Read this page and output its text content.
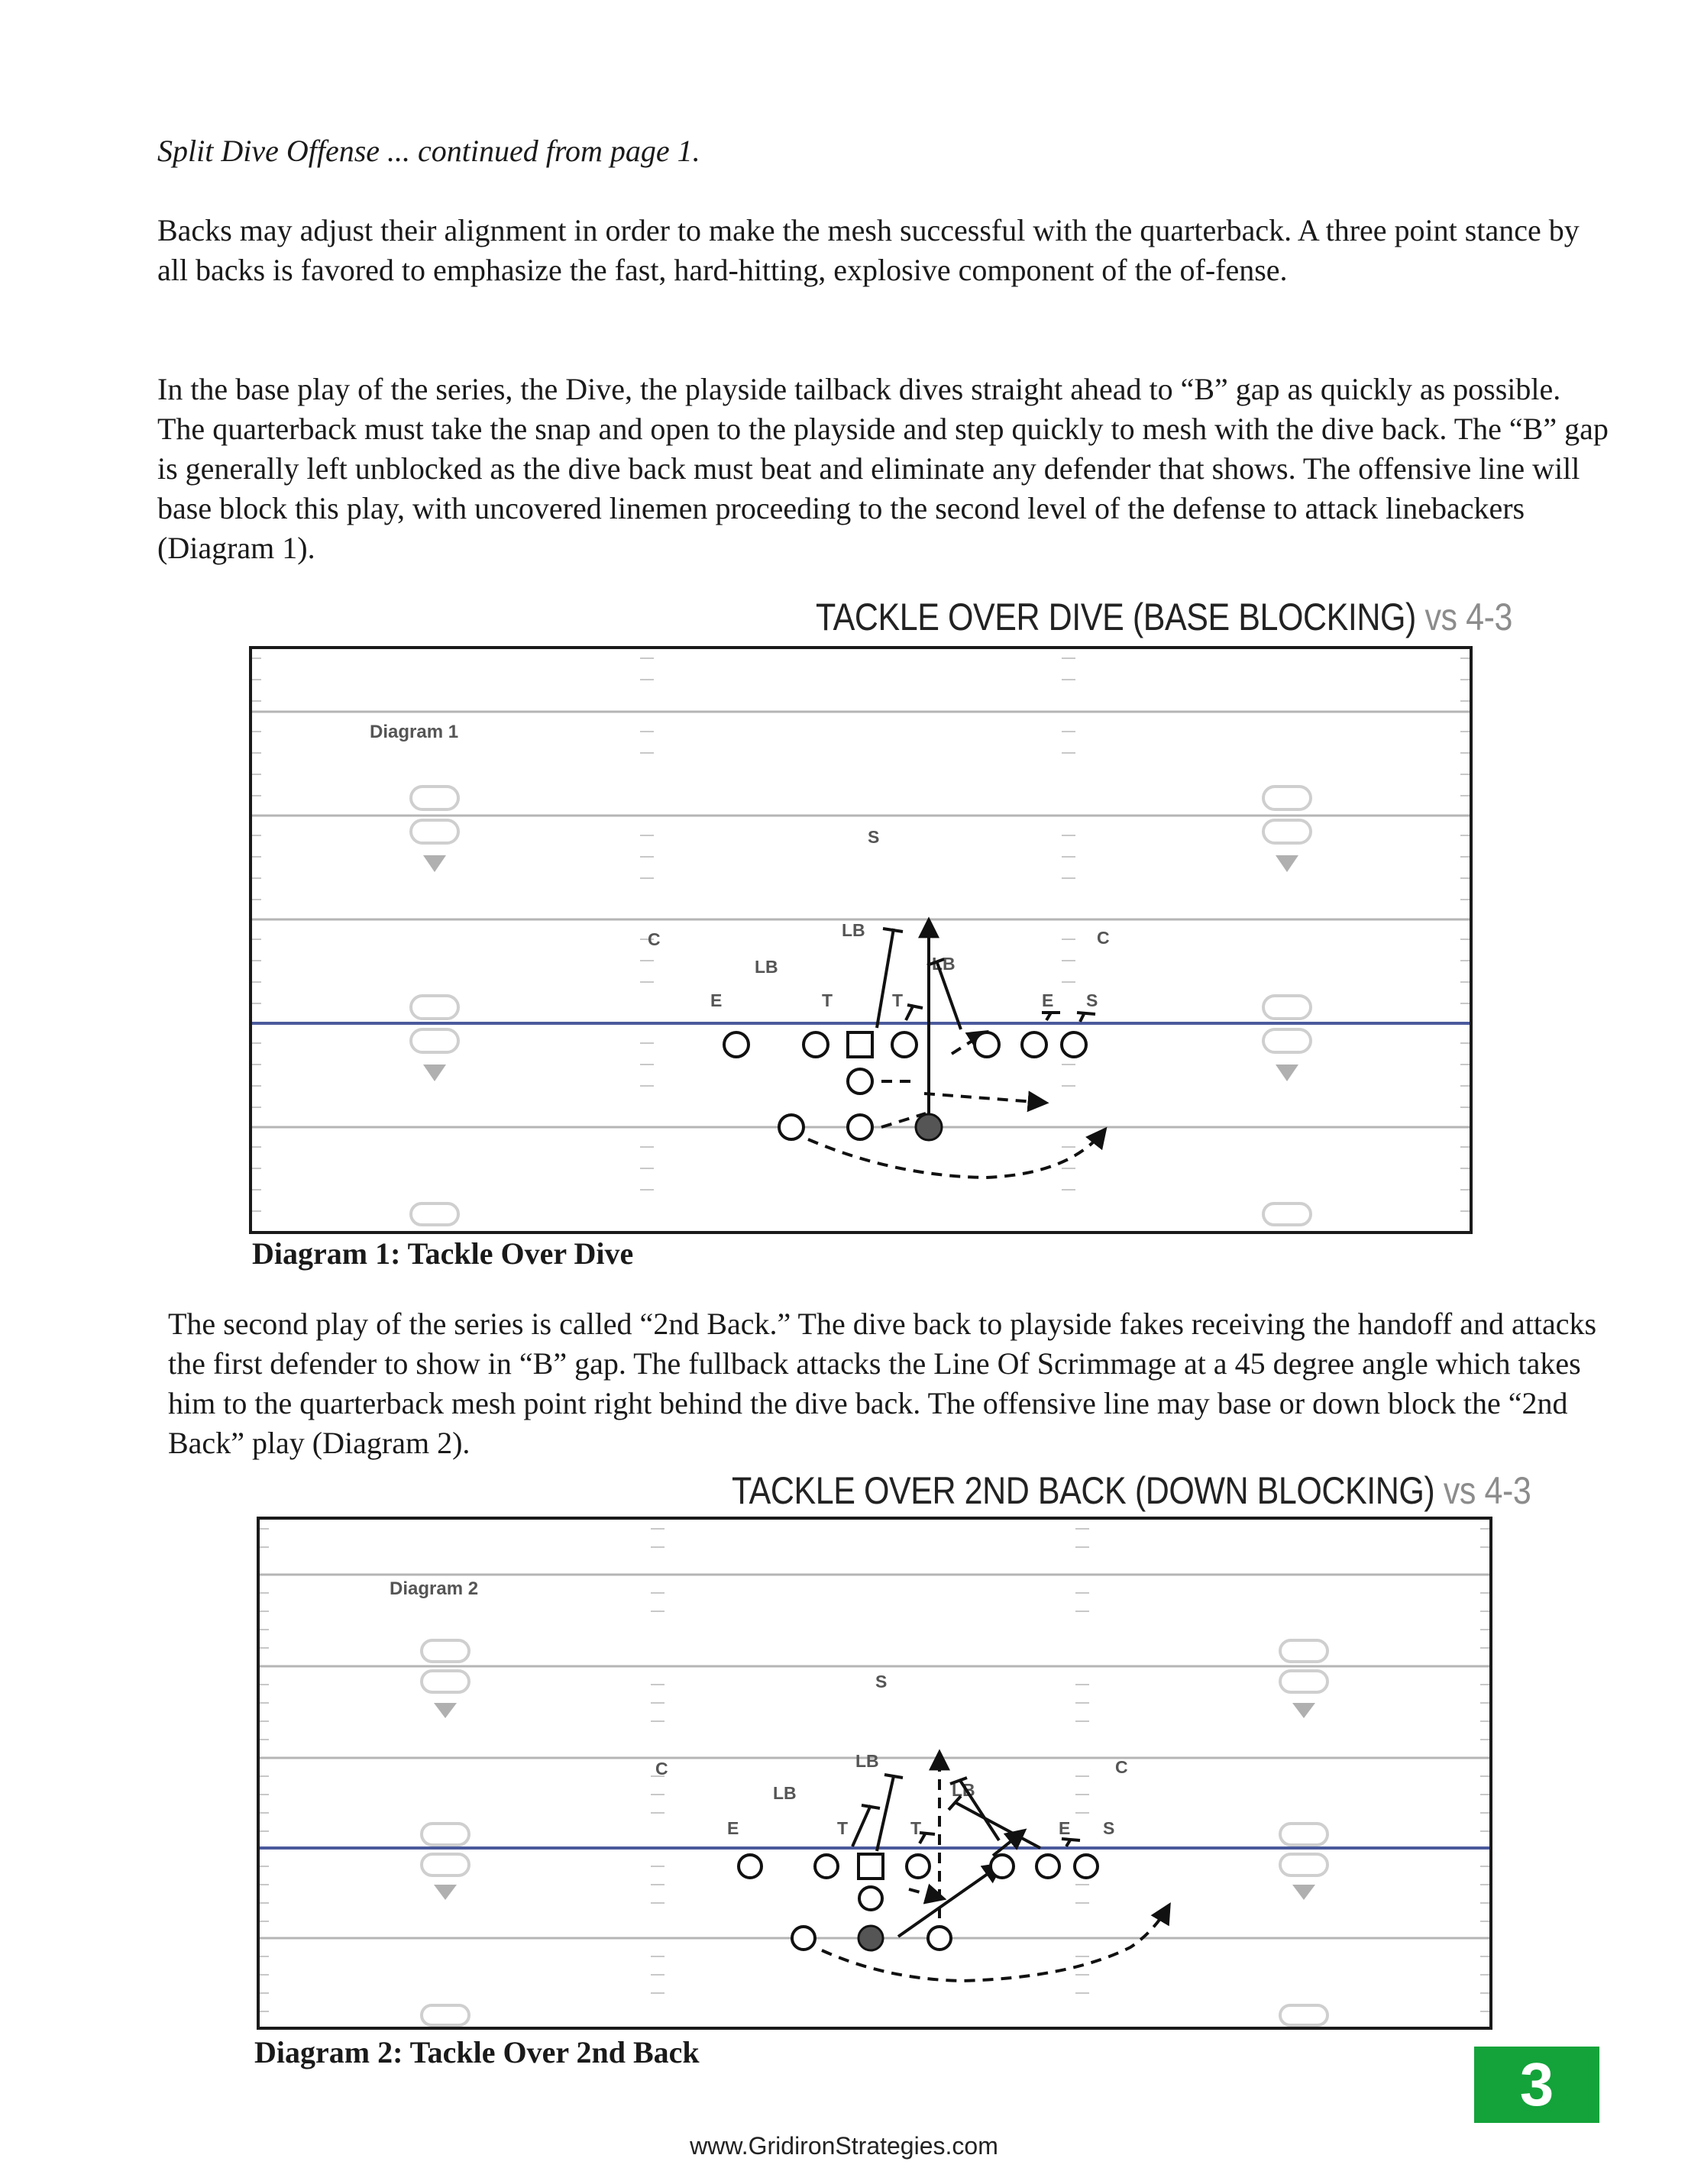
Split Dive Offense ... continued from page 1.

Backs may adjust their alignment in order to make the mesh successful with the quarterback. A three point stance by all backs is favored to emphasize the fast, hard-hitting, explosive component of the of-fense.

In the base play of the series, the Dive, the playside tailback dives straight ahead to “B” gap as quickly as possible. The quarterback must take the snap and open to the playside and step quickly to mesh with the dive back. The “B” gap is generally left unblocked as the dive back must beat and eliminate any defender that shows. The offensive line will base block this play, with uncovered linemen proceeding to the second level of the defense to attack linebackers (Diagram 1).

TACKLE OVER DIVE (BASE BLOCKING) vs 4-3
Diagram 1
S
C	C
LB
LB
LB
E	T	T	E S

Diagram 1: Tackle Over Dive

The second play of the series is called “2nd Back.” The dive back to playside fakes receiving the handoff and attacks the first defender to show in “B” gap. The fullback attacks the Line Of Scrimmage at a 45 degree angle which takes him to the quarterback mesh point right behind the dive back. The offensive line may base or down block the “2nd Back” play (Diagram 2).

TACKLE OVER 2ND BACK (DOWN BLOCKING) vs 4-3
Diagram 2
S
C	C
LB
LB
LB
E	T	T	E S

Diagram 2: Tackle Over 2nd Back	3
www.GridironStrategies.com
